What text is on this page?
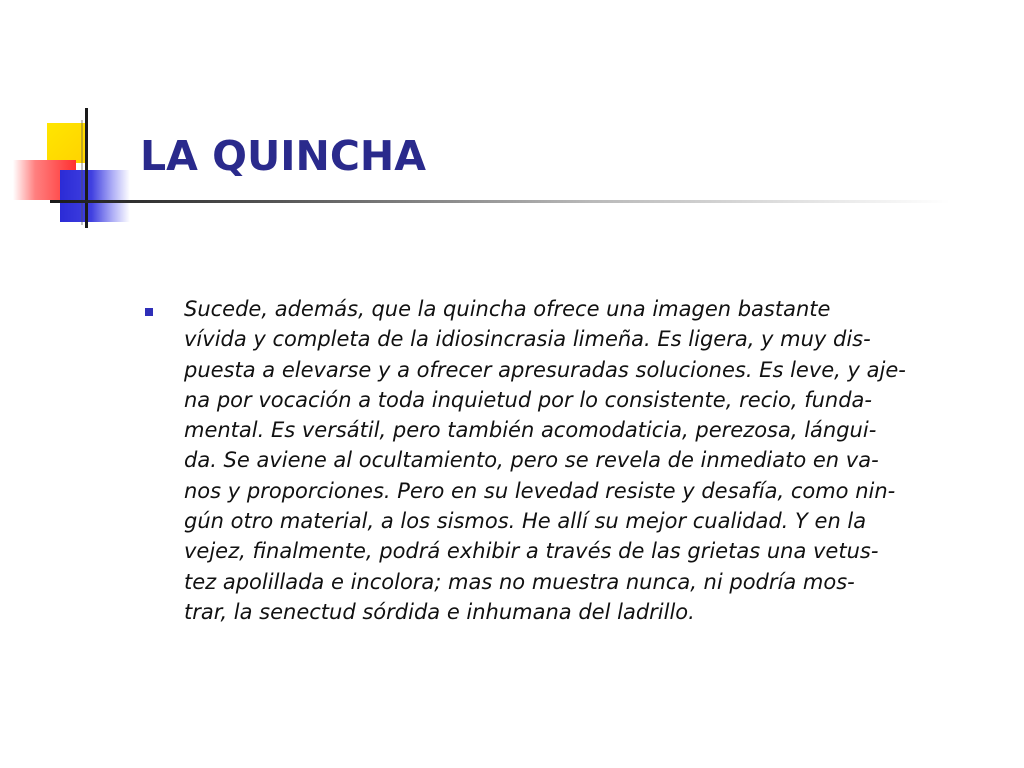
LA QUINCHA

Sucede, además, que la quincha ofrece una imagen bastante
vívida y completa de la idiosincrasia limeña. Es ligera, y muy dis-
puesta a elevarse y a ofrecer apresuradas soluciones. Es leve, y aje-
na por vocación a toda inquietud por lo consistente, recio, funda-
mental. Es versátil, pero también acomodaticia, perezosa, lángui-
da. Se aviene al ocultamiento, pero se revela de inmediato en va-
nos y proporciones. Pero en su levedad resiste y desafía, como nin-
gún otro material, a los sismos. He allí su mejor cualidad. Y en la
vejez, finalmente, podrá exhibir a través de las grietas una vetus-
tez apolillada e incolora; mas no muestra nunca, ni podría mos-
trar, la senectud sórdida e inhumana del ladrillo.
